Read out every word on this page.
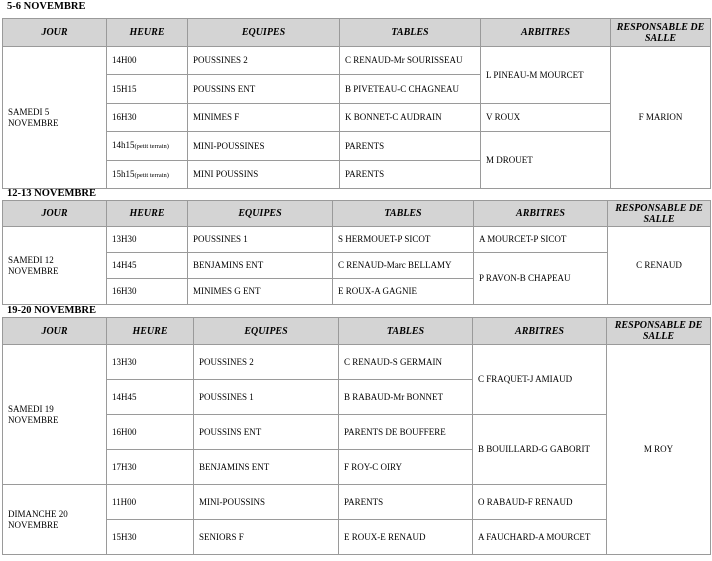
5-6 NOVEMBRE
JOUR	HEURE	EQUIPES	TABLES	ARBITRES	RESPONSABLE DE SALLE
SAMEDI 5 NOVEMBRE	14H00	POUSSINES 2	C RENAUD-Mr SOURISSEAU	L PINEAU-M MOURCET	F MARION
	15H15	POUSSINS ENT	B PIVETEAU-C CHAGNEAU		
	16H30	MINIMES F	K BONNET-C AUDRAIN	V ROUX	
	14h15(petit terrain)	MINI-POUSSINES	PARENTS	M DROUET	
	15h15(petit terrain)	MINI POUSSINS	PARENTS		
12-13 NOVEMBRE
JOUR	HEURE	EQUIPES	TABLES	ARBITRES	RESPONSABLE DE SALLE
SAMEDI 12 NOVEMBRE	13H30	POUSSINES 1	S HERMOUET-P SICOT	A MOURCET-P SICOT	C RENAUD
	14H45	BENJAMINS ENT	C RENAUD-Marc BELLAMY	P RAVON-B CHAPEAU	
	16H30	MINIMES G ENT	E ROUX-A GAGNIE		
19-20 NOVEMBRE
JOUR	HEURE	EQUIPES	TABLES	ARBITRES	RESPONSABLE DE SALLE
SAMEDI 19 NOVEMBRE	13H30	POUSSINES 2	C RENAUD-S GERMAIN	C FRAQUET-J AMIAUD	M ROY
	14H45	POUSSINES 1	B RABAUD-Mr BONNET		
	16H00	POUSSINS ENT	PARENTS DE BOUFFERE	B BOUILLARD-G GABORIT	
	17H30	BENJAMINS ENT	F ROY-C OIRY		
DIMANCHE 20 NOVEMBRE	11H00	MINI-POUSSINS	PARENTS	O RABAUD-F RENAUD	
	15H30	SENIORS F	E ROUX-E RENAUD	A FAUCHARD-A MOURCET	
